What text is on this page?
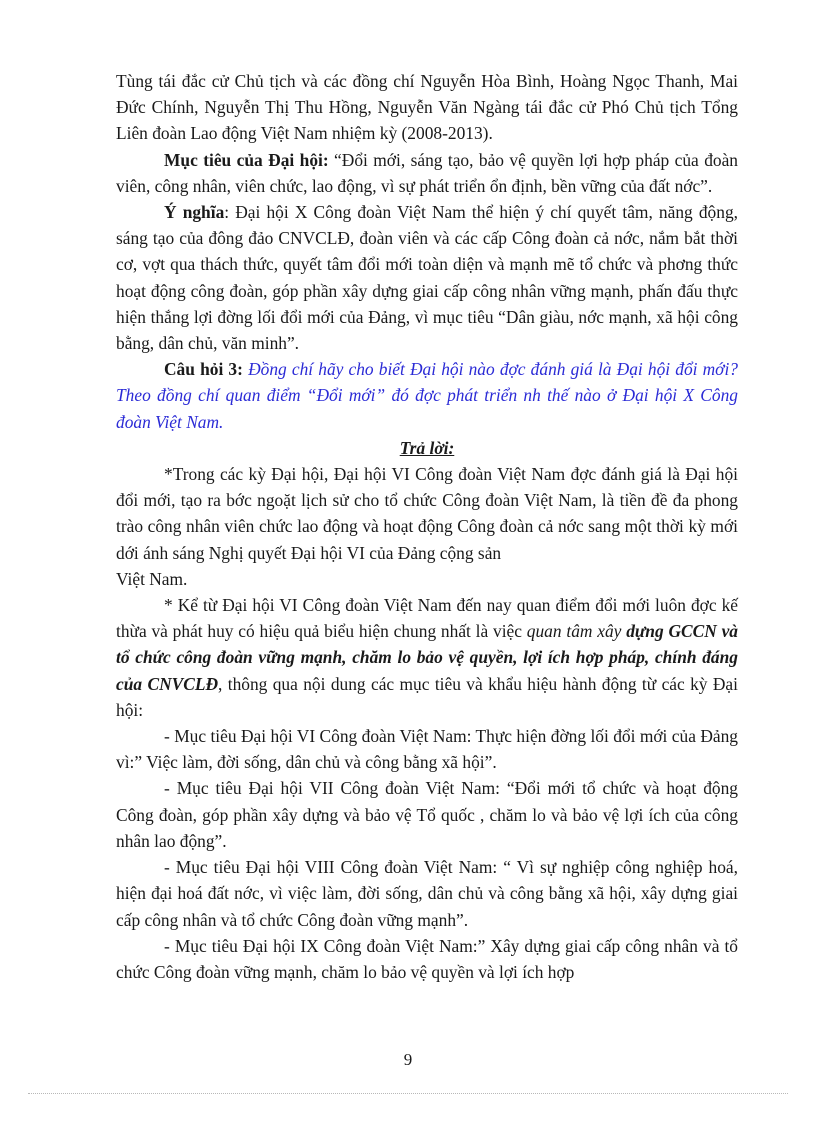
Tùng tái đắc cử Chủ tịch và các đồng chí Nguyễn Hòa Bình, Hoàng Ngọc Thanh, Mai Đức Chính, Nguyễn Thị Thu Hồng, Nguyễn Văn Ngàng tái đắc cử Phó Chủ tịch Tổng Liên đoàn Lao động Việt Nam nhiệm kỳ (2008-2013).

Mục tiêu của Đại hội: “Đổi mới, sáng tạo, bảo vệ quyền lợi hợp pháp của đoàn viên, công nhân, viên chức, lao động, vì sự phát triển ổn định, bền vững của đất nớc”.

Ý nghĩa: Đại hội X Công đoàn Việt Nam thể hiện ý chí quyết tâm, năng động, sáng tạo của đông đảo CNVCLĐ, đoàn viên và các cấp Công đoàn cả nớc, nắm bắt thời cơ, vợt qua thách thức, quyết tâm đổi mới toàn diện và mạnh mẽ tổ chức và phơng thức hoạt động công đoàn, góp phần xây dựng giai cấp công nhân vững mạnh, phấn đấu thực hiện thắng lợi đờng lối đổi mới của Đảng, vì mục tiêu “Dân giàu, nớc mạnh, xã hội công bằng, dân chủ, văn minh”.

Câu hỏi 3: Đồng chí hãy cho biết Đại hội nào đợc đánh giá là Đại hội đổi mới? Theo đồng chí quan điểm “Đổi mới” đó đợc phát triển nh thế nào ở Đại hội X Công đoàn Việt Nam.

Trả lời:

*Trong các kỳ Đại hội, Đại hội VI Công đoàn Việt Nam đợc đánh giá là Đại hội đổi mới, tạo ra bớc ngoặt lịch sử cho tổ chức Công đoàn Việt Nam, là tiền đề đa phong trào công nhân viên chức lao động và hoạt động Công đoàn cả nớc sang một thời kỳ mới dới ánh sáng Nghị quyết Đại hội VI của Đảng cộng sản

Việt Nam.

* Kể từ Đại hội VI Công đoàn Việt Nam đến nay quan điểm đổi mới luôn đợc kế thừa và phát huy có hiệu quả biểu hiện chung nhất là việc quan tâm xây dựng GCCN và tổ chức công đoàn vững mạnh, chăm lo bảo vệ quyền, lợi ích hợp pháp, chính đáng của CNVCLĐ, thông qua nội dung các mục tiêu và khẩu hiệu hành động từ các kỳ Đại hội:

- Mục tiêu Đại hội VI Công đoàn Việt Nam: Thực hiện đờng lối đổi mới của Đảng vì:” Việc làm, đời sống, dân chủ và công bằng xã hội”.

- Mục tiêu Đại hội VII Công đoàn Việt Nam: “Đổi mới tổ chức và hoạt động Công đoàn, góp phần xây dựng và bảo vệ Tổ quốc , chăm lo và bảo vệ lợi ích của công nhân lao động”.

- Mục tiêu Đại hội VIII Công đoàn Việt Nam: “ Vì sự nghiệp công nghiệp hoá, hiện đại hoá đất nớc, vì việc làm, đời sống, dân chủ và công bằng xã hội, xây dựng giai cấp công nhân và tổ chức Công đoàn vững mạnh”.

- Mục tiêu Đại hội IX Công đoàn Việt Nam:” Xây dựng giai cấp công nhân và tổ chức Công đoàn vững mạnh, chăm lo bảo vệ quyền và lợi ích hợp

9
